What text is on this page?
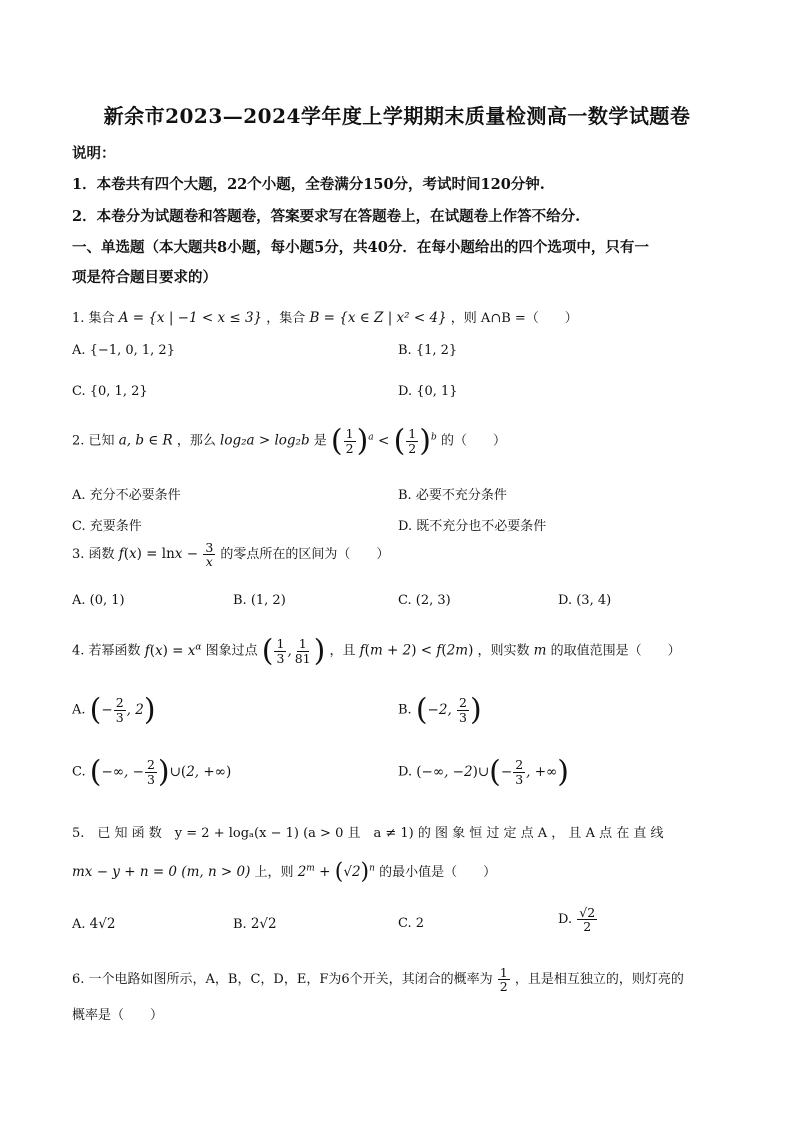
新余市2023—2024学年度上学期期末质量检测高一数学试题卷
说明：
1．本卷共有四个大题，22个小题，全卷满分150分，考试时间120分钟.
2．本卷分为试题卷和答题卷，答案要求写在答题卷上，在试题卷上作答不给分.
一、单选题（本大题共8小题，每小题5分，共40分．在每小题给出的四个选项中，只有一
项是符合题目要求的）
1. 集合 A = {x | −1 < x ≤ 3} ，集合 B = {x ∈ Z | x² < 4} ，则 A∩B =（　　）
A. {−1, 0, 1, 2}	B. {1, 2}
C. {0, 1, 2}	D. {0, 1}
2. 已知 a, b ∈ R ，那么 log₂a > log₂b 是 ( $\frac{1}{2} )^a$ < ( $\frac{1}{2} )^b$ 的（　　）
A. 充分不必要条件	B. 必要不充分条件
C. 充要条件	D. 既不充分也不必要条件
3. 函数 $f(x) = \ln x - \frac{3}{x}$ 的零点所在的区间为（　　）
A. (0, 1)	B. (1, 2)	C. (2, 3)	D. (3, 4)
4. 若幂函数 $f(x) = x^\alpha$ 图象过点 ( $\frac{1}{3}$ , $\frac{1}{81}$ ) ，且 f(m + 2) < f(2m) ，则实数 m 的取值范围是（　　）
A. (− $\frac{2}{3}$ , 2)	B. (−2, $\frac{2}{3}$ )
C. (−∞, − $\frac{2}{3}$ )∪(2, +∞)	D. (−∞, −2)∪(− $\frac{2}{3}$ , +∞)
5.　已 知 函 数　y = 2 + logₐ(x − 1) (a > 0 且　a ≠ 1) 的 图 象 恒 过 定 点 A ， 且 A 点 在 直 线
mx − y + n = 0 (m, n > 0) 上，则 $2^m + (√2)^n$ 的最小值是（　　）
A. 4√2	B. 2√2	C. 2	D. $\frac{√2}{2}$
6. 一个电路如图所示，A，B，C，D，E，F为6个开关，其闭合的概率为 $\frac{1}{2}$ ，且是相互独立的，则灯亮的
概率是（　　）
